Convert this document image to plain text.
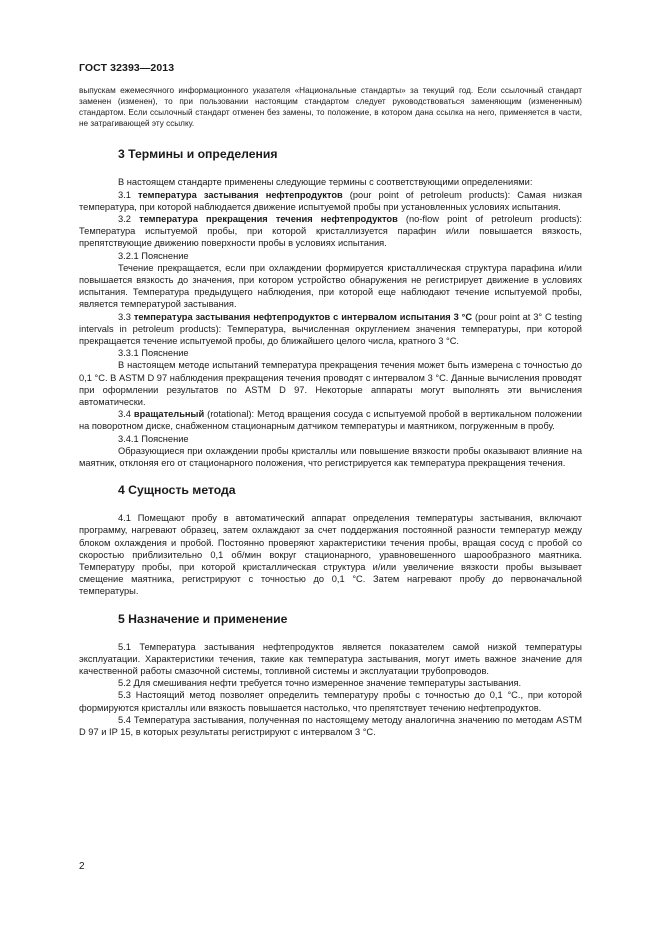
ГОСТ 32393—2013

выпускам ежемесячного информационного указателя «Национальные стандарты» за текущий год. Если ссылочный стандарт заменен (изменен), то при пользовании настоящим стандартом следует руководствоваться заменяющим (измененным) стандартом. Если ссылочный стандарт отменен без замены, то положение, в котором дана ссылка на него, применяется в части, не затрагивающей эту ссылку.

3 Термины и определения

В настоящем стандарте применены следующие термины с соответствующими определениями:

3.1 температура застывания нефтепродуктов (pour point of petroleum products): Самая низкая температура, при которой наблюдается движение испытуемой пробы при установленных условиях испытания.

3.2 температура прекращения течения нефтепродуктов (no-flow point of petroleum products): Температура испытуемой пробы, при которой кристаллизуется парафин и/или повышается вязкость, препятствующие движению поверхности пробы в условиях испытания.

3.2.1 Пояснение

Течение прекращается, если при охлаждении формируется кристаллическая структура парафина и/или повышается вязкость до значения, при котором устройство обнаружения не регистрирует движение в условиях испытания. Температура предыдущего наблюдения, при которой еще наблюдают течение испытуемой пробы, является температурой застывания.

3.3 температура застывания нефтепродуктов с интервалом испытания 3 °С (pour point at 3° С testing intervals in petroleum products): Температура, вычисленная округлением значения температуры, при которой прекращается течение испытуемой пробы, до ближайшего целого числа, кратного 3 °С.

3.3.1 Пояснение

В настоящем методе испытаний температура прекращения течения может быть измерена с точностью до 0,1 °С. В ASTM D 97 наблюдения прекращения течения проводят с интервалом 3 °С. Данные вычисления проводят при оформлении результатов по ASTM D 97. Некоторые аппараты могут выполнять эти вычисления автоматически.

3.4 вращательный (rotational): Метод вращения сосуда с испытуемой пробой в вертикальном положении на поворотном диске, снабженном стационарным датчиком температуры и маятником, погруженным в пробу.

3.4.1 Пояснение

Образующиеся при охлаждении пробы кристаллы или повышение вязкости пробы оказывают влияние на маятник, отклоняя его от стационарного положения, что регистрируется как температура прекращения течения.

4 Сущность метода

4.1 Помещают пробу в автоматический аппарат определения температуры застывания, включают программу, нагревают образец, затем охлаждают за счет поддержания постоянной разности температур между блоком охлаждения и пробой. Постоянно проверяют характеристики течения пробы, вращая сосуд с пробой со скоростью приблизительно 0,1 об/мин вокруг стационарного, уравновешенного шарообразного маятника. Температуру пробы, при которой кристаллическая структура и/или увеличение вязкости пробы вызывает смещение маятника, регистрируют с точностью до 0,1 °С. Затем нагревают пробу до первоначальной температуры.

5 Назначение и применение

5.1 Температура застывания нефтепродуктов является показателем самой низкой температуры эксплуатации. Характеристики течения, такие как температура застывания, могут иметь важное значение для качественной работы смазочной системы, топливной системы и эксплуатации трубопроводов.

5.2 Для смешивания нефти требуется точно измеренное значение температуры застывания.

5.3 Настоящий метод позволяет определить температуру пробы с точностью до 0,1 °С., при которой формируются кристаллы или вязкость повышается настолько, что препятствует течению нефтепродуктов.

5.4 Температура застывания, полученная по настоящему методу аналогична значению по методам ASTM D 97 и IP 15, в которых результаты регистрируют с интервалом 3 °С.

2
